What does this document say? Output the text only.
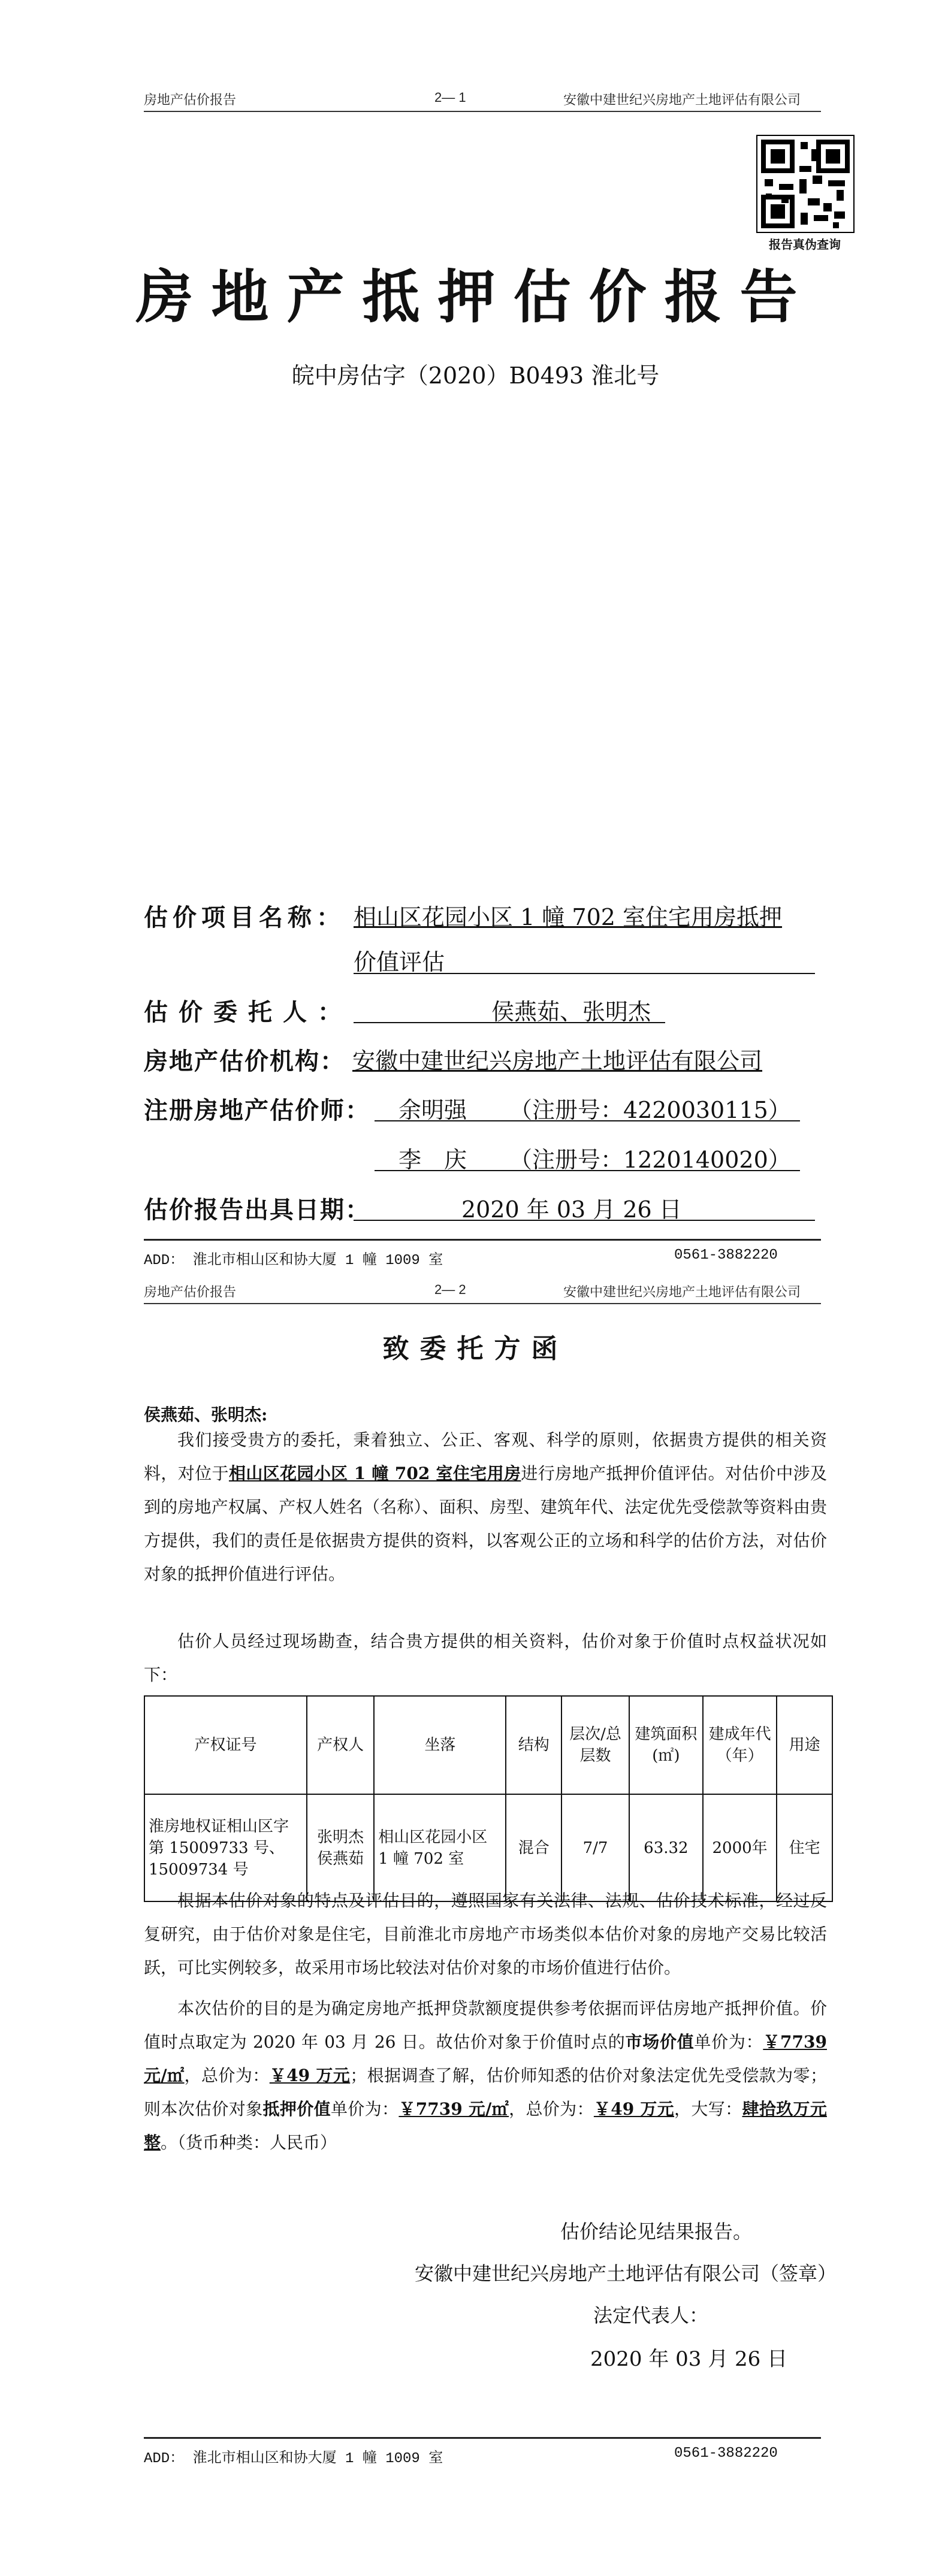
房地产估价报告	2— 1	安徽中建世纪兴房地产土地评估有限公司
报告真伪查询
房地产抵押估价报告
皖中房估字（2020）B0493 淮北号
估价项目名称： 相山区花园小区 1 幢 702 室住宅用房抵押
价值评估
估价委托人：	侯燕茹、张明杰
房地产估价机构： 安徽中建世纪兴房地产土地评估有限公司
注册房地产估价师： 余明强 （注册号：4220030115）
李　庆 （注册号：1220140020）
估价报告出具日期：	2020 年 03 月 26 日
ADD： 淮北市相山区和协大厦 1 幢 1009 室	0561-3882220
房地产估价报告	2— 2	安徽中建世纪兴房地产土地评估有限公司
致委托方函
侯燕茹、张明杰:
我们接受贵方的委托，秉着独立、公正、客观、科学的原则，依据贵方提供的相关资料，对位于相山区花园小区 1 幢 702 室住宅用房进行房地产抵押价值评估。对估价中涉及到的房地产权属、产权人姓名（名称）、面积、房型、建筑年代、法定优先受偿款等资料由贵方提供，我们的责任是依据贵方提供的资料，以客观公正的立场和科学的估价方法，对估价对象的抵押价值进行评估。
估价人员经过现场勘查，结合贵方提供的相关资料，估价对象于价值时点权益状况如下：
产权证号	产权人	坐落	结构	层次/总层数	建筑面积(㎡)	建成年代（年）	用途
淮房地权证相山区字第 15009733 号、15009734 号	张明杰侯燕茹	相山区花园小区 1 幢 702 室	混合	7/7	63.32	2000年	住宅
根据本估价对象的特点及评估目的，遵照国家有关法律、法规、估价技术标准，经过反复研究，由于估价对象是住宅，目前淮北市房地产市场类似本估价对象的房地产交易比较活跃，可比实例较多，故采用市场比较法对估价对象的市场价值进行估价。
本次估价的目的是为确定房地产抵押贷款额度提供参考依据而评估房地产抵押价值。价值时点取定为 2020 年 03 月 26 日。故估价对象于价值时点的市场价值单价为：￥7739 元/㎡，总价为：￥49 万元；根据调查了解，估价师知悉的估价对象法定优先受偿款为零；则本次估价对象抵押价值单价为：￥7739 元/㎡，总价为：￥49 万元，大写：肆拾玖万元整。（货币种类：人民币）
估价结论见结果报告。
安徽中建世纪兴房地产土地评估有限公司（签章）
法定代表人：
2020 年 03 月 26 日
ADD： 淮北市相山区和协大厦 1 幢 1009 室	0561-3882220
